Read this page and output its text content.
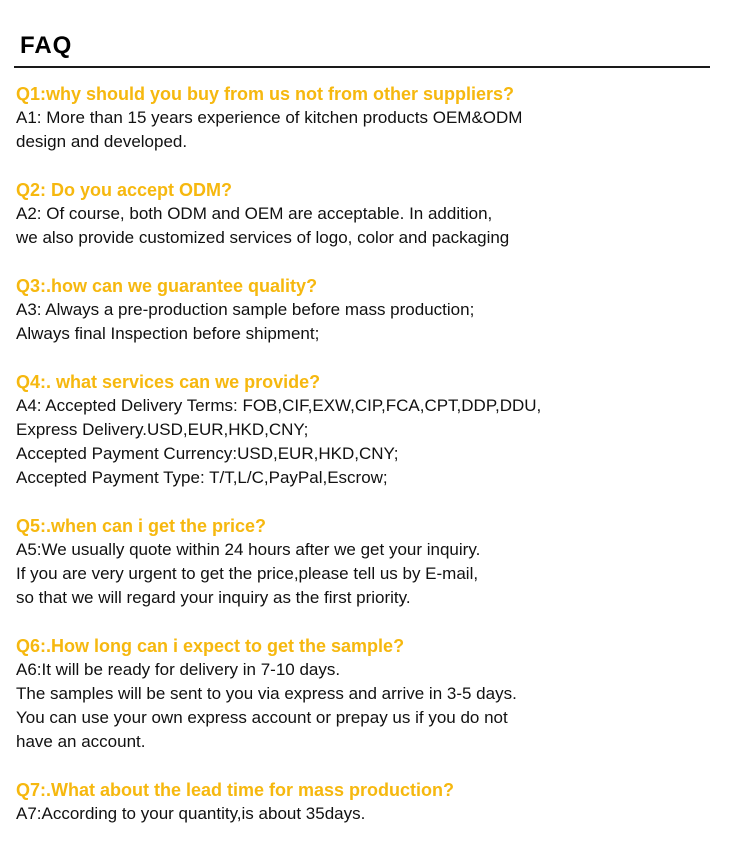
FAQ

Q1:why should you buy from us not from other suppliers?

A1: More than 15 years experience of kitchen products OEM&ODM

design and developed.

Q2: Do you accept ODM?

A2: Of course, both ODM and OEM are acceptable. In addition,

we also provide customized services of logo, color and packaging

Q3:.how can we guarantee quality?

A3: Always a pre-production sample before mass production;

Always final Inspection before shipment;

Q4:. what services can we provide?

A4: Accepted Delivery Terms: FOB,CIF,EXW,CIP,FCA,CPT,DDP,DDU,

Express Delivery.USD,EUR,HKD,CNY;

Accepted Payment Currency:USD,EUR,HKD,CNY;

Accepted Payment Type: T/T,L/C,PayPal,Escrow;

Q5:.when can i get the price?

A5:We usually quote within 24 hours after we get your inquiry.

If you are very urgent to get the price,please tell us by E-mail,

so that we will regard your inquiry as the first priority.

Q6:.How long can i expect to get the sample?

A6:It will be ready for delivery in 7-10 days.

The samples will be sent to you via express and arrive in 3-5 days.

You can use your own express account or prepay us if you do not

have an account.

Q7:.What about the lead time for mass production?

A7:According to your quantity,is about 35days.
